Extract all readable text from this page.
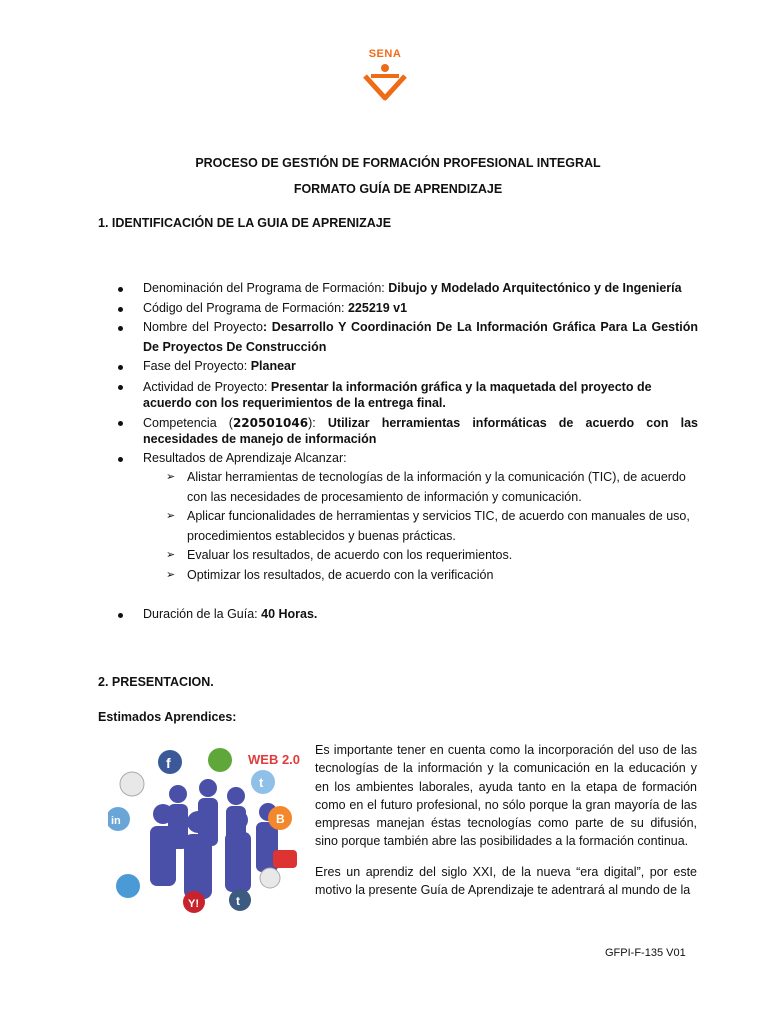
SENA
PROCESO DE GESTIÓN DE FORMACIÓN PROFESIONAL INTEGRAL
FORMATO GUÍA DE APRENDIZAJE
1. IDENTIFICACIÓN DE LA GUIA DE APRENIZAJE
Denominación del Programa de Formación: Dibujo y Modelado Arquitectónico y de Ingeniería
Código del Programa de Formación: 225219 v1
Nombre del Proyecto: Desarrollo Y Coordinación De La Información Gráfica Para La Gestión De Proyectos De Construcción
Fase del Proyecto: Planear
Actividad de Proyecto: Presentar la información gráfica y la maquetada del proyecto de acuerdo con los requerimientos de la entrega final.
Competencia (220501046): Utilizar herramientas informáticas de acuerdo con las necesidades de manejo de información
Resultados de Aprendizaje Alcanzar:
➢ Alistar herramientas de tecnologías de la información y la comunicación (TIC), de acuerdo con las necesidades de procesamiento de información y comunicación.
➢ Aplicar funcionalidades de herramientas y servicios TIC, de acuerdo con manuales de uso, procedimientos establecidos y buenas prácticas.
➢ Evaluar los resultados, de acuerdo con los requerimientos.
➢ Optimizar los resultados, de acuerdo con la verificación
Duración de la Guía: 40 Horas.
2. PRESENTACION.
Estimados Aprendices:
WEB 2.0
f
t
in	B
Y!	t
Es importante tener en cuenta como la incorporación del uso de las tecnologías de la información y la comunicación en la educación y en los ambientes laborales, ayuda tanto en la etapa de formación como en el futuro profesional, no sólo porque la gran mayoría de las empresas manejan éstas tecnologías como parte de su difusión, sino porque también abre las posibilidades a la formación continua.
Eres un aprendiz del siglo XXI, de la nueva “era digital”, por este motivo la presente Guía de Aprendizaje te adentrará al mundo de la
GFPI-F-135 V01
